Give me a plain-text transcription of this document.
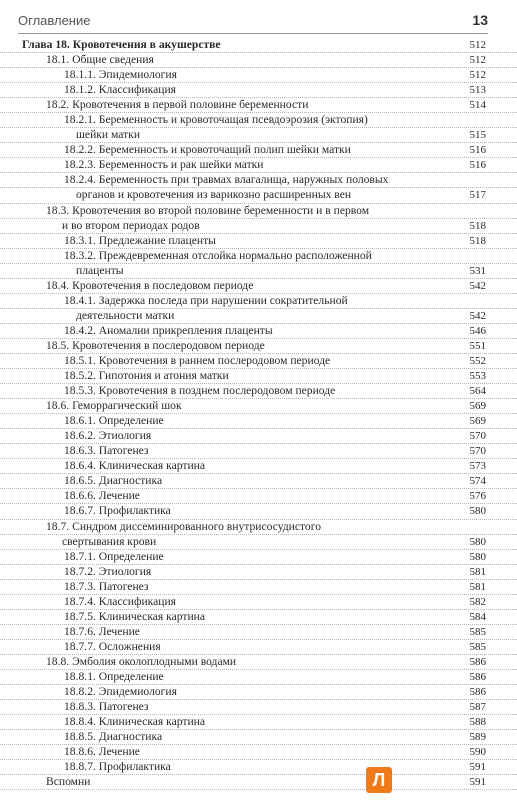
Оглавление	13
Глава 18. Кровотечения в акушерстве	512
18.1. Общие сведения	512
18.1.1. Эпидемиология	512
18.1.2. Классификация	513
18.2. Кровотечения в первой половине беременности	514
18.2.1. Беременность и кровоточащая псевдоэрозия (эктопия)
шейки матки	515
18.2.2. Беременность и кровоточащий полип шейки матки	516
18.2.3. Беременность и рак шейки матки	516
18.2.4. Беременность при травмах влагалища, наружных половых
органов и кровотечения из варикозно расширенных вен	517
18.3. Кровотечения во второй половине беременности и в первом
и во втором периодах родов	518
18.3.1. Предлежание плаценты	518
18.3.2. Преждевременная отслойка нормально расположенной
плаценты	531
18.4. Кровотечения в последовом периоде	542
18.4.1. Задержка последа при нарушении сократительной
деятельности матки	542
18.4.2. Аномалии прикрепления плаценты	546
18.5. Кровотечения в послеродовом периоде	551
18.5.1. Кровотечения в раннем послеродовом периоде	552
18.5.2. Гипотония и атония матки	553
18.5.3. Кровотечения в позднем послеродовом периоде	564
18.6. Геморрагический шок	569
18.6.1. Определение	569
18.6.2. Этиология	570
18.6.3. Патогенез	570
18.6.4. Клиническая картина	573
18.6.5. Диагностика	574
18.6.6. Лечение	576
18.6.7. Профилактика	580
18.7. Синдром диссеминированного внутрисосудистого
свертывания крови	580
18.7.1. Определение	580
18.7.2. Этиология	581
18.7.3. Патогенез	581
18.7.4. Классификация	582
18.7.5. Клиническая картина	584
18.7.6. Лечение	585
18.7.7. Осложнения	585
18.8. Эмболия околоплодными водами	586
18.8.1. Определение	586
18.8.2. Эпидемиология	586
18.8.3. Патогенез	587
18.8.4. Клиническая картина	588
18.8.5. Диагностика	589
18.8.6. Лечение	590
18.8.7. Профилактика	591
Вспомни	591
Л
